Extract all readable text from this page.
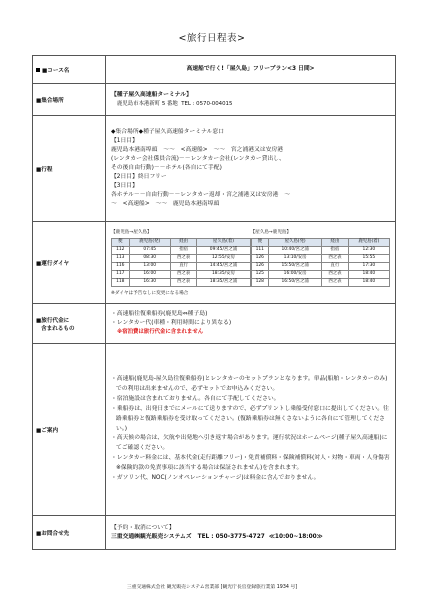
<旅行日程表>
■コース名	高速船で行く!「屋久島」フリープラン<3 日間>
■集合場所	
【種子屋久高速船ターミナル】
鹿児島市本港新町 5 番地 TEL : 0570-004015

■行程	
◆集合場所◆種子屋久高速船ターミナル窓口
【1日目】
鹿児島本港南埠頭　～～　<高速船>　～～　宮之浦港又は安房港
(レンタカー会社係員合流)－－レンタカー会社(レンタカー貸出し、
その後自由行動)－－ホテル(各自にて手配)
【2日目】終日フリー
【3日目】
各ホテル－－自由行動－－レンタカー返却・宮之浦港又は安房港　～
～　<高速船>　～～　鹿児島本港南埠頭

■運行ダイヤ	
【鹿児島→屋久島】
便	鹿児島(発)	経由	屋久島(着)
112	07:45	指宿	09:45/宮之浦
113	08:30	西之表	12:55/安房
116	13:00	直行	14:45/宮之浦
117	16:00	西之表	18:35/安房
118	16:30	西之表	18:35/宮之浦
【屋久島→鹿児島】
便	屋久島(発)	経由	鹿児島(着)
111	10:40/宮之浦	指宿	12:30
126	13:10/安房	西之表	15:55
126	15:50/宮之浦	直行	17:30
125	16:00/安房	西之表	18:40
128	16:50/宮之浦	西之表	18:40
※ダイヤは予告なしに変更になる場合

■旅行代金に
含まれるもの

・高速船往復乗船券(鹿児島⇔種子島)
・レンタカー代(車種・利用時間により異なる)
※宿泊費は旅行代金に含まれません

■ご案内	
・高速船(鹿児島-屋久島往復乗船券)とレンタカーのセットプランとなります。単品(船舶・レンタカーのみ)での利用は出来ませんので、必ずセットでお申込みください。
・宿泊施設は含まれておりません。各自にて手配してください。
・乗船券は、出発日までにメールにて送りますので、必ずプリントし乗船受付窓口に提出してください。往路乗船券と復路乗船券を受け取ってください。(復路乗船券は無くさないように各自にて管理してください。)
・高天候の場合は、欠航や出発地へ引き返す場合があります。運行状況はホームページ(種子屋久高速船)にてご確認ください。
・レンタカー料金には、基本代金(走行距離フリー)・免責補償料・保険補償料(対人・対物・車両・人身傷害※保険約款の免責事項に該当する場合は保証されません)を含まれます。
・ガソリン代、NOC(ノンオペレーションチャージ)は料金に含んでおりません。

■お問合せ先	
【予約・取消について】
三重交通㈱観光販売システムズ TEL : 050-3775-4727 ≪10:00~18:00≫
三重交通株式会社 観光販売システム営業部 [観光庁長官登録旅行業第 1934 号]
